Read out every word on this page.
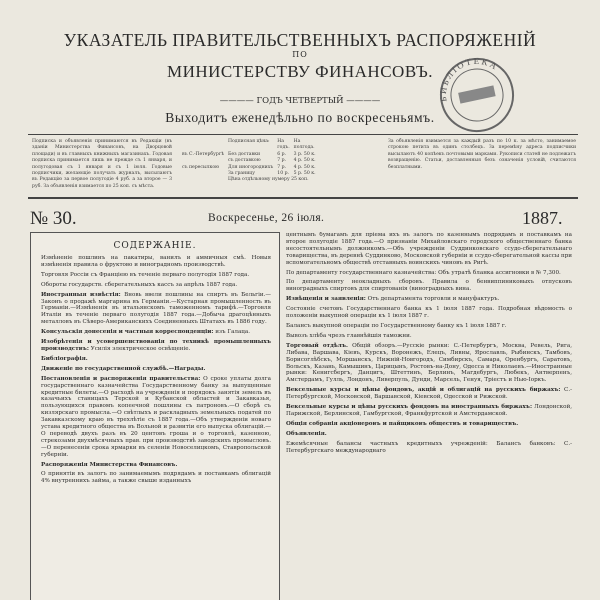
УКАЗАТЕЛЬ ПРАВИТЕЛЬСТВЕННЫХЪ РАСПОРЯЖЕНІЙ
ПО
МИНИСТЕРСТВУ ФИНАНСОВЪ.
БИБЛІОТЕКА
———— ГОДЪ ЧЕТВЕРТЫЙ ————
Выходитъ еженедѣльно по воскресеньямъ.
Подписка и объявленія принимаются въ Редакціи (въ зданіи Министерства Финансовъ, на Дворцовой площади) и въ главныхъ книжныхъ магазинахъ. Годовая подписка принимается лишь не прежде съ 1 января, и полугодовая съ 1 января и съ 1 іюля. Годовые подписчики, желающіе получать журналъ, высылаютъ въ Редакцію за первое полугодіе 4 руб. а за второе — 3 руб. За объявленія взимается по 25 коп. съ мѣста.
	Подписная цѣна:	На	На
		годъ.	полгода.
въ С.-Петербургѣ	Без доставки	6 р.	3 р. 50 к.
	съ доставкою	7 р.	4 р. 50 к.
съ пересылкою	Для иногороднихъ	7 р.	4 р. 50 к.
	За границу	10 р.	5 р. 50 к.
	Цѣна отдѣльному нумеру 25 коп.		
За объявленія взимается за каждый разъ по 10 к. за мѣсто, занимаемое строкою петита въ одинъ столбецъ. За перемѣну адреса подписчики высылаютъ 40 копѣекъ почтовыми марками. Рукописи статей не подлежатъ возвращенію. Статьи, доставленныя безъ означенія условій, считаются безплатными.
№ 30.	Воскресенье, 26 іюля.	1887.
СОДЕРЖАНІЕ.
Измѣненіе пошлинъ на пакатиры, ванилъ и аммичныя смѣ. Новыя измѣненія правила о фруктово и виноградномъ производствѣ.
Торговля Россіи съ Франціею въ теченіе перваго полугодія 1887 года.
Обороты государств. сберегательныхъ кассъ за апрѣль 1887 года.
Иностранныя извѣстія: Вновь ввели пошлины на спиртъ въ Бельгіи.—Законъ о продажѣ маргарина въ Германіи.—Кустарная промышленность въ Германіи.—Измѣненія въ итальянскомъ таможенномъ тарифѣ.—Торговля Италіи въ теченіе перваго полугодія 1887 года.—Добыча драгоцѣнныхъ металловъ въ Сѣверо-Американскихъ Соединенныхъ Штатахъ въ 1886 году.
Консульскія донесенія и частныя корреспонденціи: изъ Галаца.
Изобрѣтенія и усовершенствованія по техникѣ промышленныхъ производствъ: Усилія электрическое освѣщеніе.
Библіографія.
Движеніе по государственной службѣ.—Награды.
Постановленія и распоряженія правительства: О сроке уплаты долга государственнаго казначейства Государственному банку за выпущенные кредитные билеты.—О расходѣ на учрежденія и порядокъ занятія земель въ казачьихъ станицахъ Терской и Кубанской областей и Закавказья, пользующихся правомъ копеечной пошлины съ патроновъ.—О сборѣ съ кизлярскаго промысла.—О свѣтлыхъ и раскладныхъ земельныхъ податей по Закавказскому краю въ трехлѣтіе съ 1887 года.—Объ утвержденіи новаго устава кредитного общества въ Вольной и развитіи его выпуска облигацій.—О переводѣ двухъ разъ въ 20 центовъ гроша и о торговлѣ, казенною, стрекозами двухмѣсячныхъ прав. при производствѣ заводскихъ промысловъ.—О перенесеніи срока ярмарки въ селеніи Новоселицкомъ, Ставропольской губерніи.
Распоряженія Министерства Финансовъ.
О принятіи въ залогъ по занимаемымъ подрядамъ и поставкамъ облигацій 4% внутреннихъ займа, а также свыше изданныхъ
центнымъ бумагамъ для пріема ихъ въ залогъ по казеннымъ подрядамъ и поставкамъ на второе полугодіе 1887 года.—О признаніи Михайловскаго городского общественнаго банка несостоятельнымъ должникомъ.—Объ учрежденіи Суддинковскаго ссудо-сберегательнаго товарищества, въ деревнѣ Суддинково, Московской губерніи и ссудо-сберегательной кассы при вспомогательномъ обществѣ отставныхъ воинскихъ чиновъ въ Ригѣ.
По департаменту государственнаго казначейства: Объ утратѣ бланка ассигновки в № 7,300.
По департаменту неокладныхъ сборовъ. Правила о бенвиппиниковыхъ отпусковъ виноградныхъ спиртовъ для спиртованія (виноградныхъ вина.
Извѣщенія и заявленія: Отъ департамента торговли и мануфактуръ.
Состояніе счетовъ Государственнаго банка къ 1 іюля 1887 года. Подробная вѣдомость о положеніи выкупной операціи къ 1 іюля 1887 г.
Балансъ выкупной операціи по Государственному банку къ 1 іюля 1887 г.
Вывозъ хлѣба чрезъ главнѣйшія таможни.
Торговый отдѣлъ. Общій обзоръ.—Русскіе рынки: С.-Петербургъ, Москва, Ревель, Рига, Либава, Варшава, Кіевъ, Курскъ, Воронежъ, Елецъ, Ливны, Ярославль, Рыбинскъ, Тамбовъ, Борисоглѣбскъ, Моршанскъ, Нижній-Новгородъ, Симбирскъ, Самара, Оренбургъ, Саратовъ, Вольскъ, Казань, Камышинъ, Царицынъ, Ростовъ-на-Дону, Одесса и Николаевъ.—Иностранные рынки: Кенигсбергъ, Данцигъ, Штеттинъ, Берлинъ, Магдебургъ, Любекъ, Антверпенъ, Амстердамъ, Гулль, Лондонъ, Ливерпуль, Дунди, Марсель, Генуя, Тріестъ и Нью-Іоркъ.
Вексельные курсы и цѣны фондовъ, акцій и облигацій на русскихъ биржахъ: С.-Петербургской, Московской, Варшавской, Кіевской, Одесской и Рижской.
Вексельные курсы и цѣны русскихъ фондовъ на иностранныхъ биржахъ: Лондонской, Парижской, Берлинской, Гамбургской, Франкфуртской и Амстердамской.
Общія собранія акціонеровъ и пайщиковъ обществъ и товариществъ.
Объявленія.
Ежемѣсячные балансы частныхъ кредитныхъ учрежденій: Балансъ банковъ: С.-Петербургскаго международнаго
